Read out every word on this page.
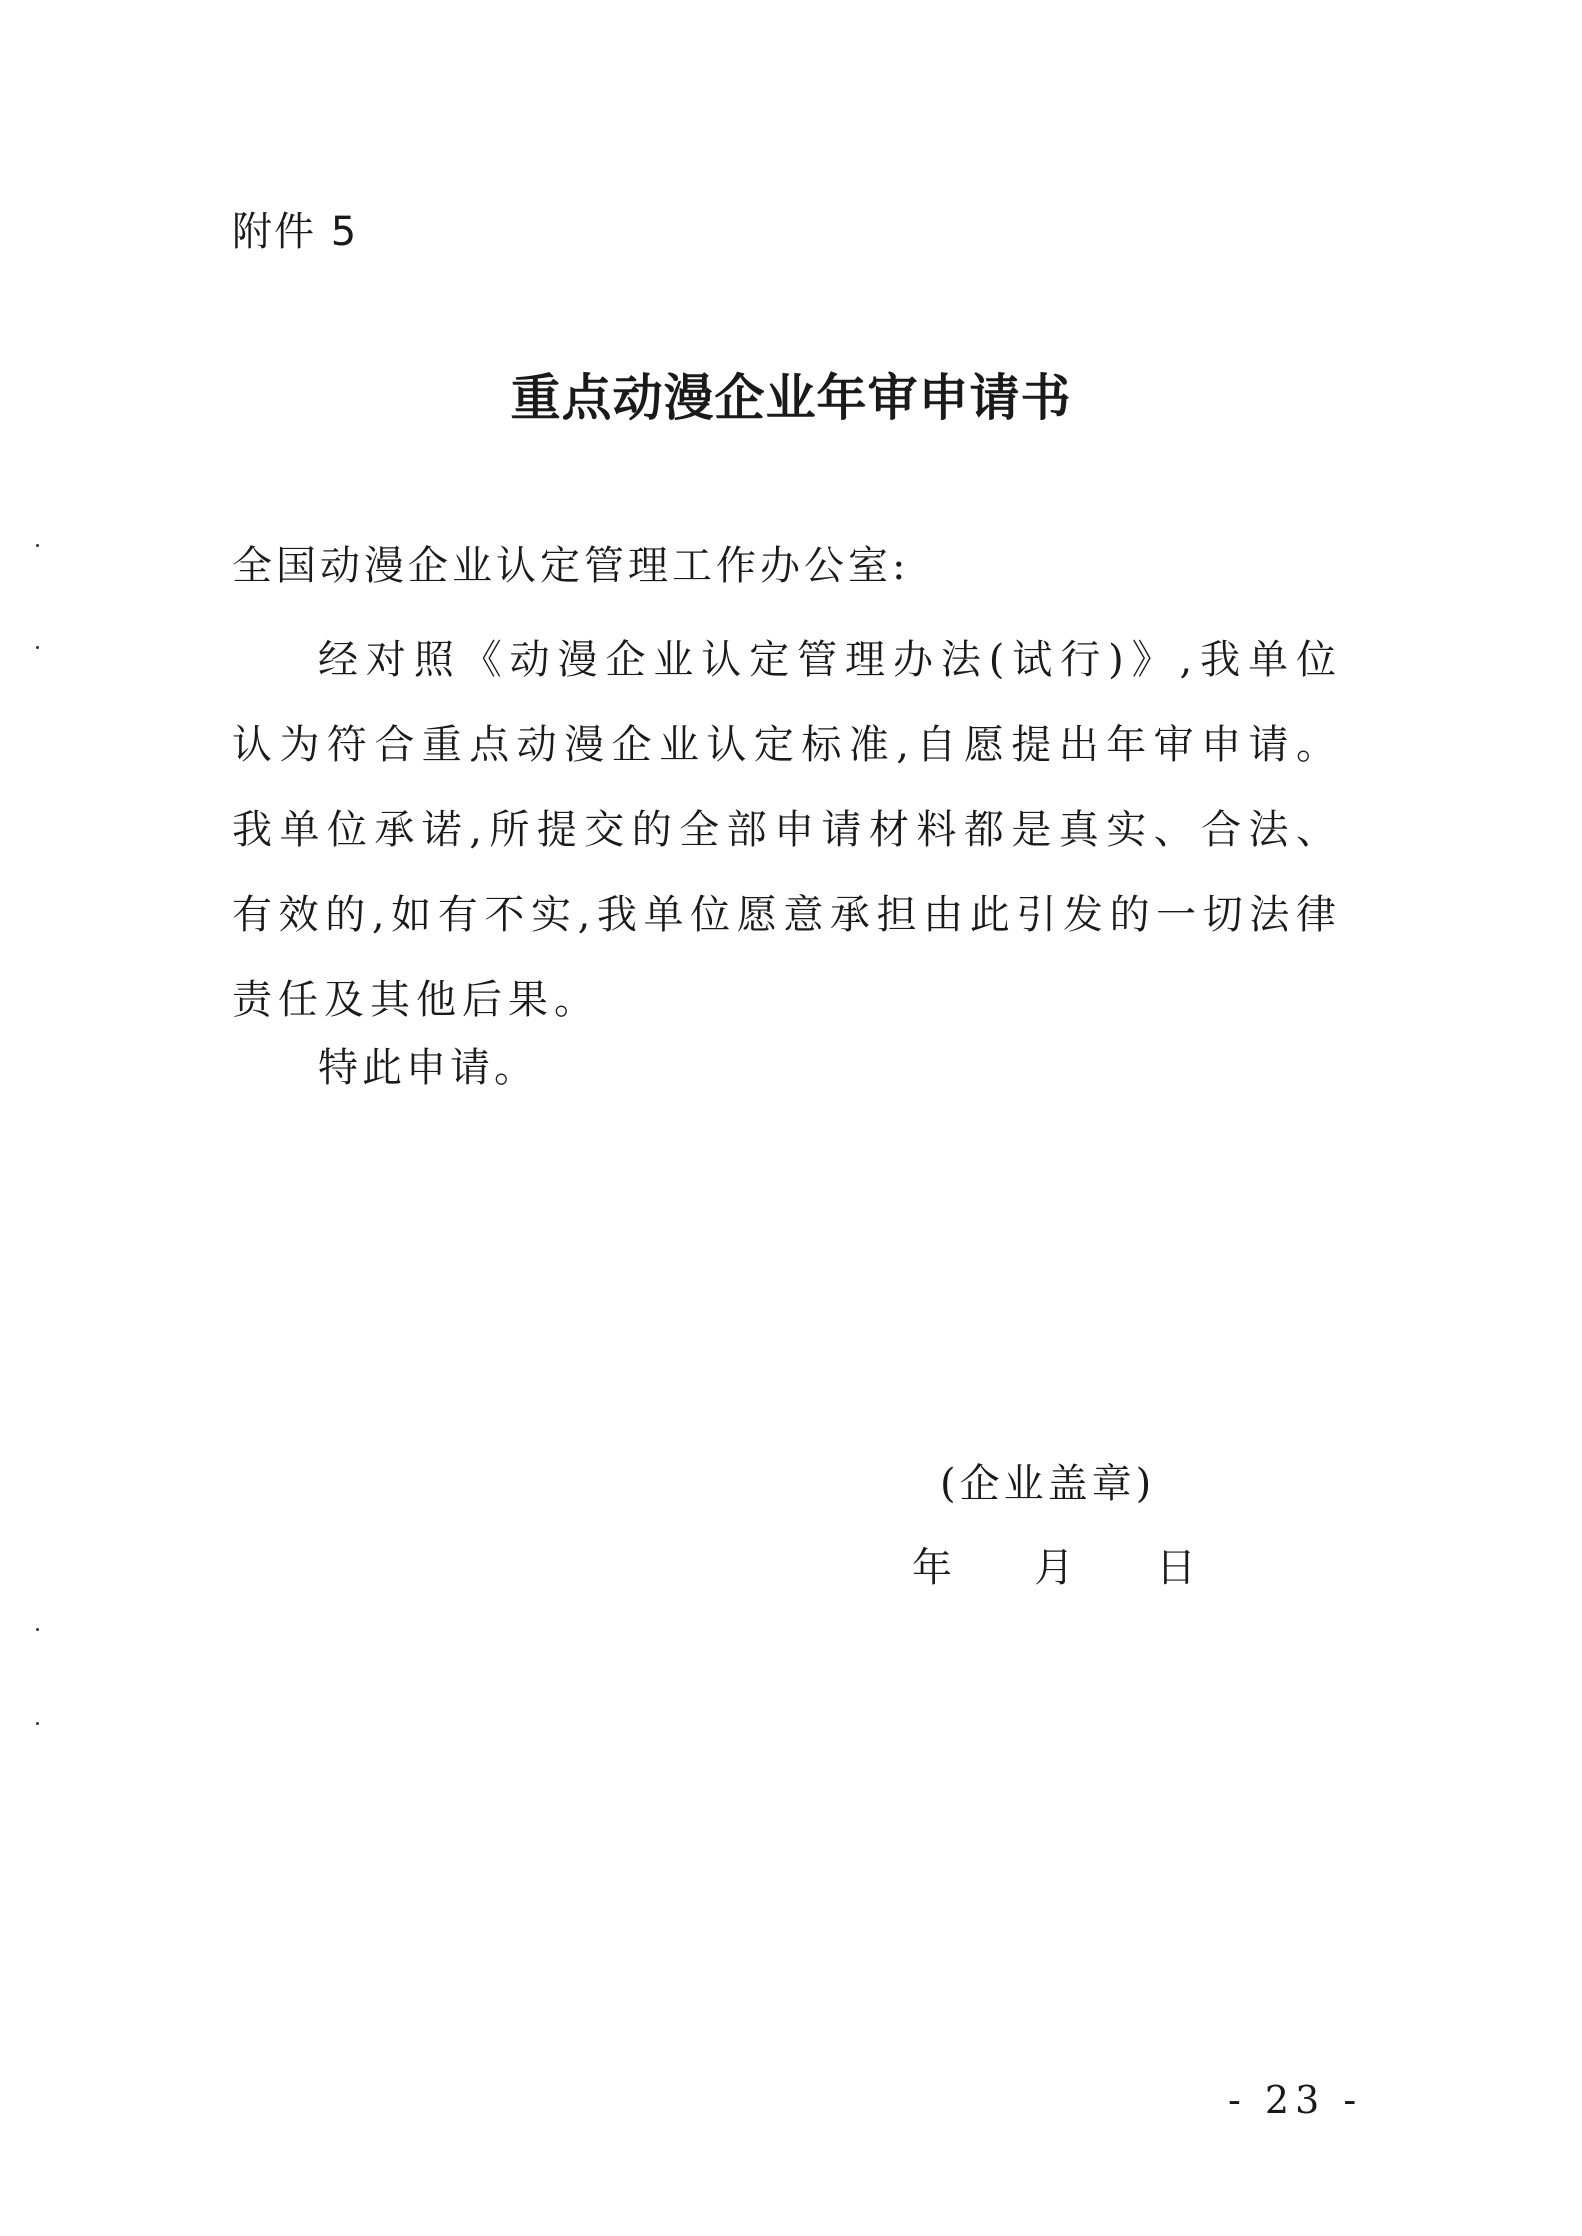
附件 5

重点动漫企业年审申请书

全国动漫企业认定管理工作办公室:

经对照《动漫企业认定管理办法(试行)》,我单位认为符合重点动漫企业认定标准,自愿提出年审申请。我单位承诺,所提交的全部申请材料都是真实、合法、有效的,如有不实,我单位愿意承担由此引发的一切法律责任及其他后果。

特此申请。

(企业盖章)

年 月 日

- 23 -
